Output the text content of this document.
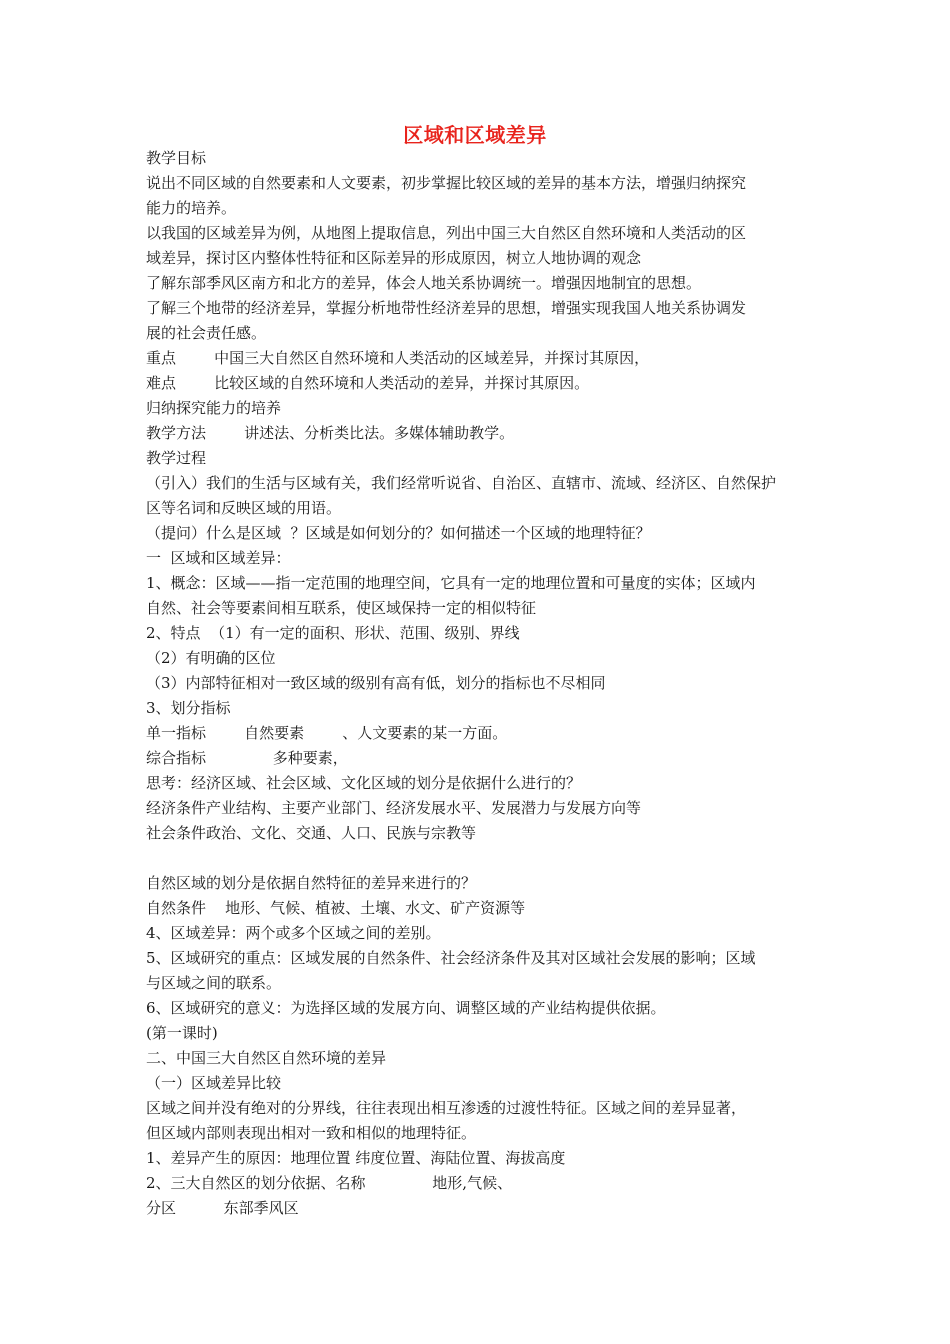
区域和区域差异
教学目标
说出不同区域的自然要素和人文要素，初步掌握比较区域的差异的基本方法，增强归纳探究
能力的培养。
以我国的区域差异为例，从地图上提取信息，列出中国三大自然区自然环境和人类活动的区
域差异，探讨区内整体性特征和区际差异的形成原因，树立人地协调的观念
了解东部季风区南方和北方的差异，体会人地关系协调统一。增强因地制宜的思想。
了解三个地带的经济差异，掌握分析地带性经济差异的思想，增强实现我国人地关系协调发
展的社会责任感。
重点        中国三大自然区自然环境和人类活动的区域差异，并探讨其原因，
难点        比较区域的自然环境和人类活动的差异，并探讨其原因。
归纳探究能力的培养
教学方法        讲述法、分析类比法。多媒体辅助教学。
教学过程
（引入）我们的生活与区域有关，我们经常听说省、自治区、直辖市、流域、经济区、自然保护
区等名词和反映区域的用语。
（提问）什么是区域  ？区域是如何划分的？如何描述一个区域的地理特征？
一  区域和区域差异：
1、概念：区域——指一定范围的地理空间，它具有一定的地理位置和可量度的实体；区域内
自然、社会等要素间相互联系，使区域保持一定的相似特征
2、特点  （1）有一定的面积、形状、范围、级别、界线
（2）有明确的区位
（3）内部特征相对一致区域的级别有高有低，划分的指标也不尽相同
3、划分指标
单一指标        自然要素        、人文要素的某一方面。
综合指标              多种要素，
思考：经济区域、社会区域、文化区域的划分是依据什么进行的？
经济条件产业结构、主要产业部门、经济发展水平、发展潜力与发展方向等
社会条件政治、文化、交通、人口、民族与宗教等
自然区域的划分是依据自然特征的差异来进行的？
自然条件    地形、气候、植被、土壤、水文、矿产资源等
4、区域差异：两个或多个区域之间的差别。
5、区域研究的重点：区域发展的自然条件、社会经济条件及其对区域社会发展的影响；区域
与区域之间的联系。
6、区域研究的意义：为选择区域的发展方向、调整区域的产业结构提供依据。
(第一课时)
二、中国三大自然区自然环境的差异
（一）区域差异比较
区域之间并没有绝对的分界线，往往表现出相互渗透的过渡性特征。区域之间的差异显著，
但区域内部则表现出相对一致和相似的地理特征。
1、差异产生的原因：地理位置 纬度位置、海陆位置、海拔高度
2、三大自然区的划分依据、名称              地形,气候、
分区          东部季风区
